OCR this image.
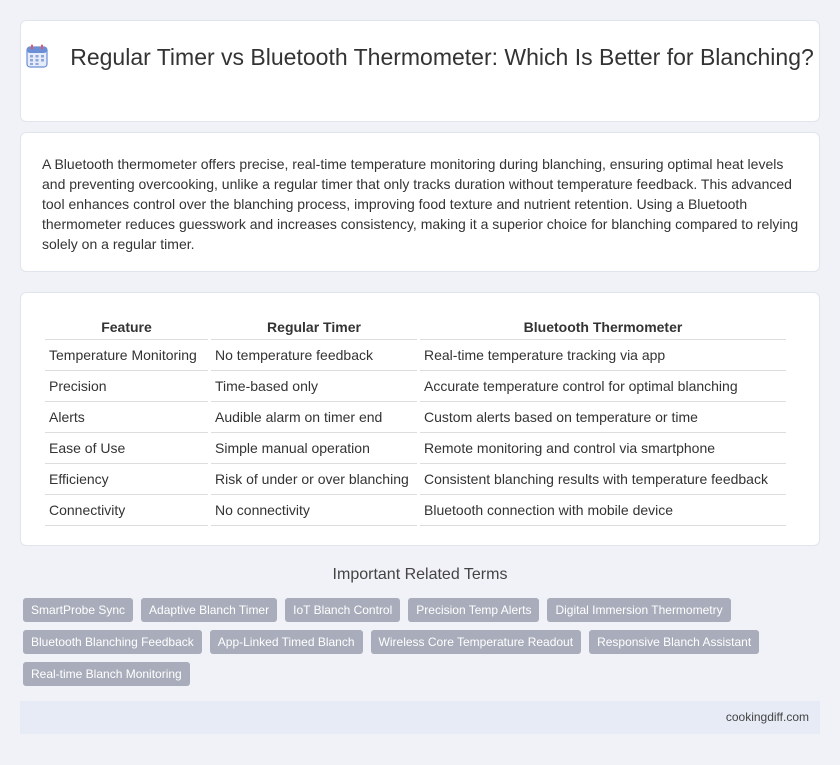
Regular Timer vs Bluetooth Thermometer: Which Is Better for Blanching?

A Bluetooth thermometer offers precise, real-time temperature monitoring during blanching, ensuring optimal heat levels and preventing overcooking, unlike a regular timer that only tracks duration without temperature feedback. This advanced tool enhances control over the blanching process, improving food texture and nutrient retention. Using a Bluetooth thermometer reduces guesswork and increases consistency, making it a superior choice for blanching compared to relying solely on a regular timer.

Feature	Regular Timer	Bluetooth Thermometer
Temperature Monitoring	No temperature feedback	Real-time temperature tracking via app
Precision	Time-based only	Accurate temperature control for optimal blanching
Alerts	Audible alarm on timer end	Custom alerts based on temperature or time
Ease of Use	Simple manual operation	Remote monitoring and control via smartphone
Efficiency	Risk of under or over blanching	Consistent blanching results with temperature feedback
Connectivity	No connectivity	Bluetooth connection with mobile device
Important Related Terms
SmartProbe Sync	Adaptive Blanch Timer	IoT Blanch Control	Precision Temp Alerts	Digital Immersion Thermometry
Bluetooth Blanching Feedback	App-Linked Timed Blanch	Wireless Core Temperature Readout	Responsive Blanch Assistant
Real-time Blanch Monitoring
cookingdiff.com
